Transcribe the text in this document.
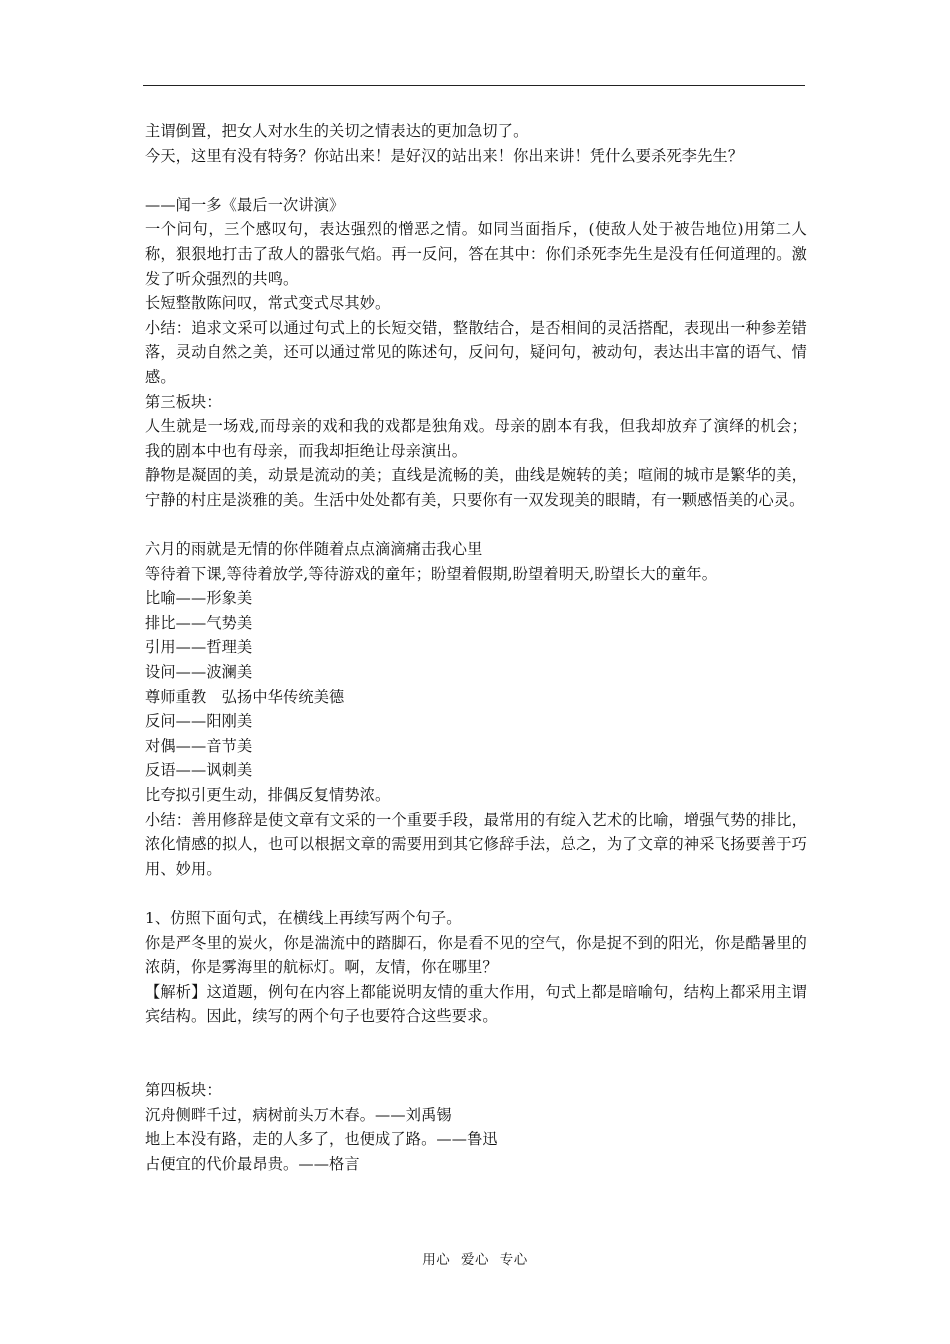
主谓倒置，把女人对水生的关切之情表达的更加急切了。
今天，这里有没有特务？你站出来！是好汉的站出来！你出来讲！凭什么要杀死李先生？
——闻一多《最后一次讲演》
一个问句，三个感叹句，表达强烈的憎恶之情。如同当面指斥，(使敌人处于被告地位)用第二人称，狠狠地打击了敌人的嚣张气焰。再一反问，答在其中：你们杀死李先生是没有任何道理的。激发了听众强烈的共鸣。
长短整散陈问叹，常式变式尽其妙。
小结：追求文采可以通过句式上的长短交错，整散结合，是否相间的灵活搭配，表现出一种参差错落，灵动自然之美，还可以通过常见的陈述句，反问句，疑问句，被动句，表达出丰富的语气、情感。
第三板块：
人生就是一场戏,而母亲的戏和我的戏都是独角戏。母亲的剧本有我，但我却放弃了演绎的机会；我的剧本中也有母亲，而我却拒绝让母亲演出。
静物是凝固的美，动景是流动的美；直线是流畅的美，曲线是婉转的美；喧闹的城市是繁华的美，宁静的村庄是淡雅的美。生活中处处都有美，只要你有一双发现美的眼睛，有一颗感悟美的心灵。
六月的雨就是无情的你伴随着点点滴滴痛击我心里
等待着下课,等待着放学,等待游戏的童年；盼望着假期,盼望着明天,盼望长大的童年。
比喻——形象美
排比——气势美
引用——哲理美
设问——波澜美
尊师重教　弘扬中华传统美德
反问——阳刚美
对偶——音节美
反语——讽刺美
比夸拟引更生动，排偶反复情势浓。
小结：善用修辞是使文章有文采的一个重要手段，最常用的有绽入艺术的比喻，增强气势的排比，浓化情感的拟人，也可以根据文章的需要用到其它修辞手法，总之，为了文章的神采飞扬要善于巧用、妙用。
1、仿照下面句式，在横线上再续写两个句子。
你是严冬里的炭火，你是湍流中的踏脚石，你是看不见的空气，你是捉不到的阳光，你是酷暑里的浓荫，你是雾海里的航标灯。啊，友情，你在哪里？
【解析】这道题，例句在内容上都能说明友情的重大作用，句式上都是暗喻句，结构上都采用主谓宾结构。因此，续写的两个句子也要符合这些要求。
第四板块：
沉舟侧畔千过，病树前头万木春。——刘禹锡
地上本没有路，走的人多了，也便成了路。——鲁迅
占便宜的代价最昂贵。——格言
用心 爱心 专心
